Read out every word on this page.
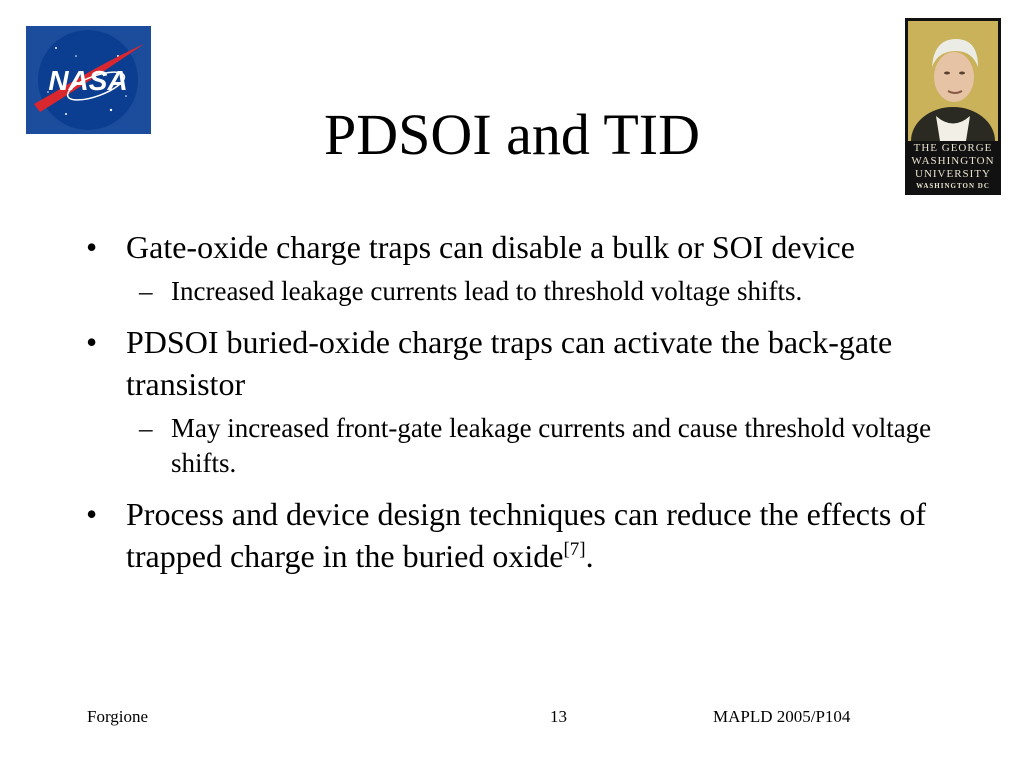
NASA
THE GEORGE
WASHINGTON
UNIVERSITY
WASHINGTON DC
PDSOI and TID
• Gate-oxide charge traps can disable a bulk or SOI device
– Increased leakage currents lead to threshold voltage shifts.
• PDSOI buried-oxide charge traps can activate the back-gate transistor
– May increased front-gate leakage currents and cause threshold voltage shifts.
• Process and device design techniques can reduce the effects of trapped charge in the buried oxide[7].
Forgione	13	MAPLD 2005/P104
